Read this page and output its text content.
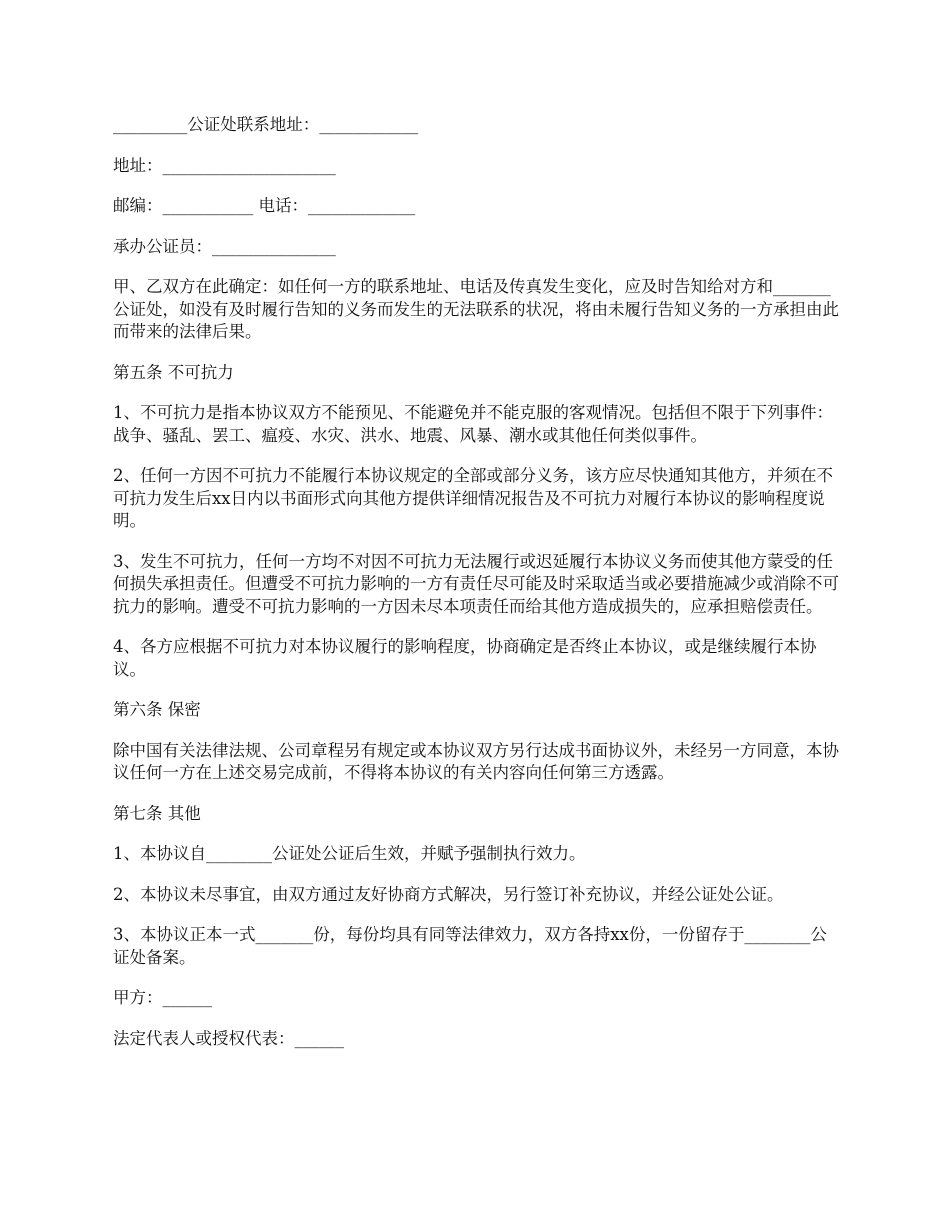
_________公证处联系地址：____________

地址：_____________________

邮编：___________ 电话：_____________

承办公证员：_______________

甲、乙双方在此确定：如任何一方的联系地址、电话及传真发生变化，应及时告知给对方和_______公证处，如没有及时履行告知的义务而发生的无法联系的状况，将由未履行告知义务的一方承担由此而带来的法律后果。

第五条 不可抗力

1、不可抗力是指本协议双方不能预见、不能避免并不能克服的客观情况。包括但不限于下列事件：战争、骚乱、罢工、瘟疫、水灾、洪水、地震、风暴、潮水或其他任何类似事件。

2、任何一方因不可抗力不能履行本协议规定的全部或部分义务，该方应尽快通知其他方，并须在不可抗力发生后xx日内以书面形式向其他方提供详细情况报告及不可抗力对履行本协议的影响程度说明。

3、发生不可抗力，任何一方均不对因不可抗力无法履行或迟延履行本协议义务而使其他方蒙受的任何损失承担责任。但遭受不可抗力影响的一方有责任尽可能及时采取适当或必要措施减少或消除不可抗力的影响。遭受不可抗力影响的一方因未尽本项责任而给其他方造成损失的，应承担赔偿责任。

4、各方应根据不可抗力对本协议履行的影响程度，协商确定是否终止本协议，或是继续履行本协议。

第六条 保密

除中国有关法律法规、公司章程另有规定或本协议双方另行达成书面协议外，未经另一方同意，本协议任何一方在上述交易完成前，不得将本协议的有关内容向任何第三方透露。

第七条 其他

1、本协议自________公证处公证后生效，并赋予强制执行效力。

2、本协议未尽事宜，由双方通过友好协商方式解决，另行签订补充协议，并经公证处公证。

3、本协议正本一式_______份，每份均具有同等法律效力，双方各持xx份，一份留存于________公证处备案。

甲方：______

法定代表人或授权代表：______
